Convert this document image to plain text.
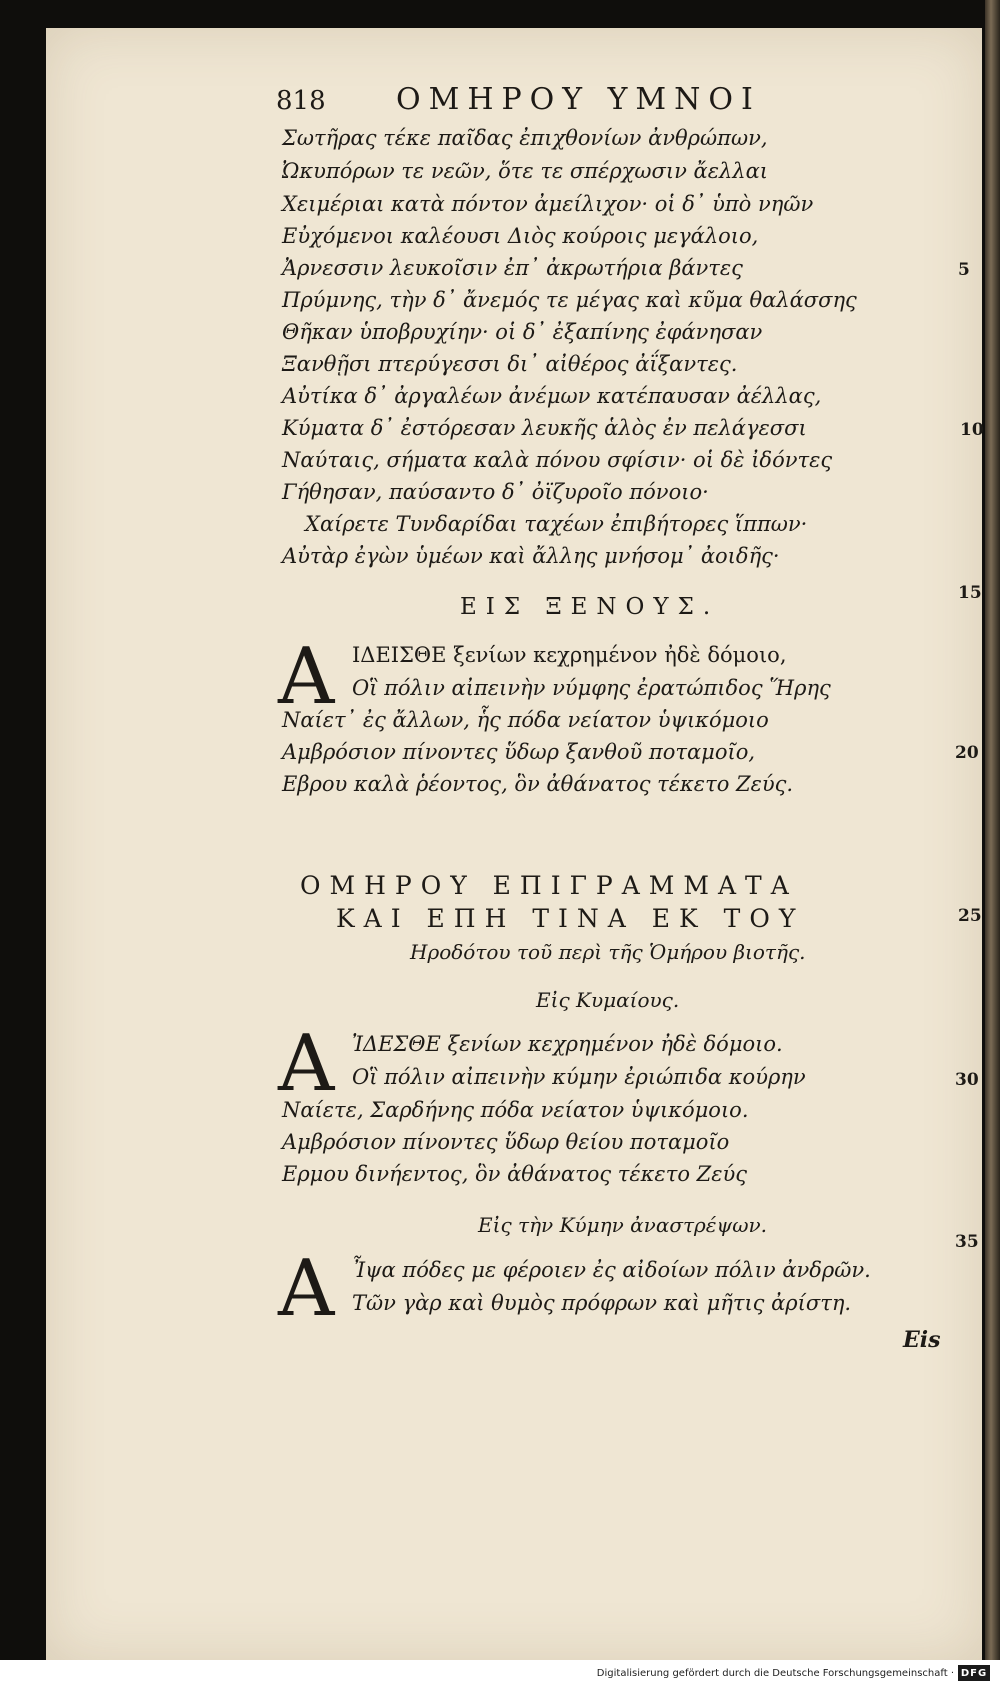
818 ΟΜΗΡΟΥ ΥΜΝΟΙ
Σωτῆρας τέκε παῖδας ἐπιχθονίων ἀνθρώπων,
Ὠκυπόρων τε νεῶν, ὅτε τε σπέρχωσιν ἄελλαι
Χειμέριαι κατὰ πόντον ἀμείλιχον· οἱ δ᾽ ὑπὸ νηῶν
Εὐχόμενοι καλέουσι Διὸς κούροις μεγάλοιο,
Ἀρνεσσιν λευκοῖσιν ἐπ᾽ ἀκρωτήρια βάντες
Πρύμνης, τὴν δ᾽ ἄνεμός τε μέγας καὶ κῦμα θαλάσσης
Θῆκαν ὑποβρυχίην· οἱ δ᾽ ἐξαπίνης ἐφάνησαν
Ξανθῇσι πτερύγεσσι δι᾽ αἰθέρος ἀΐξαντες.
Αὐτίκα δ᾽ ἀργαλέων ἀνέμων κατέπαυσαν ἀέλλας,
Κύματα δ᾽ ἐστόρεσαν λευκῆς ἁλὸς ἐν πελάγεσσι
Ναύταις, σήματα καλὰ πόνου σφίσιν· οἱ δὲ ἰδόντες
Γήθησαν, παύσαντο δ᾽ ὀϊζυροῖο πόνοιο·
Χαίρετε Τυνδαρίδαι ταχέων ἐπιβήτορες ἵππων·
Αὐτὰρ ἐγὼν ὑμέων καὶ ἄλλης μνήσομ᾽ ἀοιδῆς·
ΕΙΣ ΞΕΝΟΥΣ.
A ΙΔΕΙΣΘΕ ξενίων κεχρημένον ἠδὲ δόμοιο,
Οἳ πόλιν αἰπεινὴν νύμφης ἐρατώπιδος Ἥρης
Ναίετ᾽ ἐς ἄλλων, ἧς πόδα νείατον ὑψικόμοιο
Αμβρόσιον πίνοντες ὕδωρ ξανθοῦ ποταμοῖο,
Εβρου καλὰ ῥέοντος, ὃν ἀθάνατος τέκετο Ζεύς.
ΟΜΗΡΟΥ ΕΠΙΓΡΑΜΜΑΤΑ
ΚΑΙ ΕΠΗ ΤΙΝΑ ΕΚ ΤΟΥ
Ηροδότου τοῦ περὶ τῆς Ὁμήρου βιοτῆς.
Εἰς Κυμαίους.
A ἸΔΕΣΘΕ ξενίων κεχρημένον ἠδὲ δόμοιο.
Οἳ πόλιν αἰπεινὴν κύμην ἐριώπιδα κούρην
Ναίετε, Σαρδήνης πόδα νείατον ὑψικόμοιο.
Αμβρόσιον πίνοντες ὕδωρ θείου ποταμοῖο
Ερμου δινήεντος, ὃν ἀθάνατος τέκετο Ζεύς
Εἰς τὴν Κύμην ἀναστρέψων.
A Ἶψα πόδες με φέροιεν ἐς αἰδοίων πόλιν ἀνδρῶν.
Τῶν γὰρ καὶ θυμὸς πρόφρων καὶ μῆτις ἀρίστη.
Eis
5
10
15
20
25
30
35
Digitalisierung gefördert durch die Deutsche Forschungsgemeinschaft · DFG
